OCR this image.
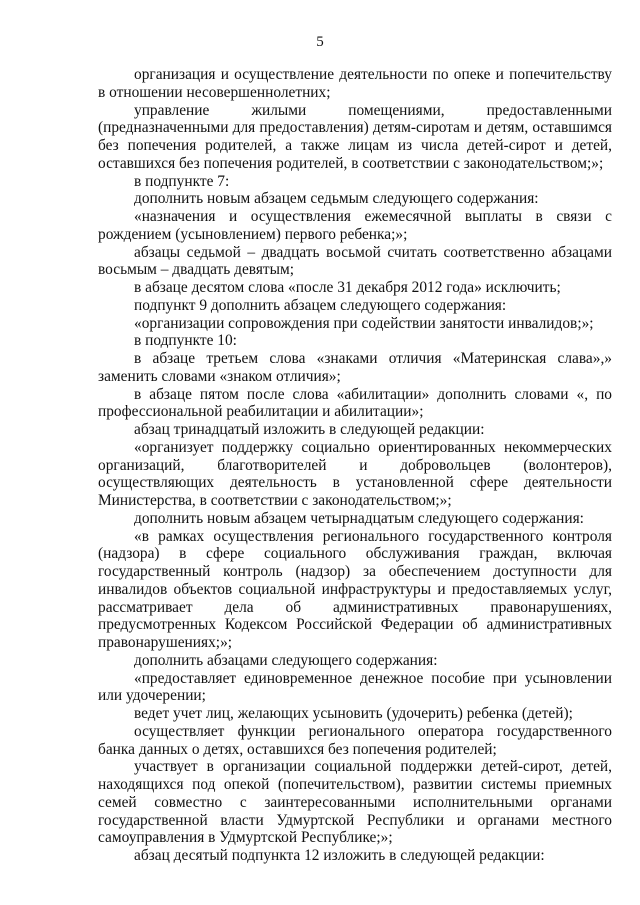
5

организация и осуществление деятельности по опеке и попечительству в отношении несовершеннолетних;

управление жилыми помещениями, предоставленными (предназначенными для предоставления) детям-сиротам и детям, оставшимся без попечения родителей, а также лицам из числа детей-сирот и детей, оставшихся без попечения родителей, в соответствии с законодательством;»;

в подпункте 7:

дополнить новым абзацем седьмым следующего содержания:

«назначения и осуществления ежемесячной выплаты в связи с рождением (усыновлением) первого ребенка;»;

абзацы седьмой – двадцать восьмой считать соответственно абзацами восьмым – двадцать девятым;

в абзаце десятом слова «после 31 декабря 2012 года» исключить;

подпункт 9 дополнить абзацем следующего содержания:

«организации сопровождения при содействии занятости инвалидов;»;

в подпункте 10:

в абзаце третьем слова «знаками отличия «Материнская слава»,» заменить словами «знаком отличия»;

в абзаце пятом после слова «абилитации» дополнить словами «, по профессиональной реабилитации и абилитации»;

абзац тринадцатый изложить в следующей редакции:

«организует поддержку социально ориентированных некоммерческих организаций, благотворителей и добровольцев (волонтеров), осуществляющих деятельность в установленной сфере деятельности Министерства, в соответствии с законодательством;»;

дополнить новым абзацем четырнадцатым следующего содержания:

«в рамках осуществления регионального государственного контроля (надзора) в сфере социального обслуживания граждан, включая государственный контроль (надзор) за обеспечением доступности для инвалидов объектов социальной инфраструктуры и предоставляемых услуг, рассматривает дела об административных правонарушениях, предусмотренных Кодексом Российской Федерации об административных правонарушениях;»;

дополнить абзацами следующего содержания:

«предоставляет единовременное денежное пособие при усыновлении или удочерении;

ведет учет лиц, желающих усыновить (удочерить) ребенка (детей);

осуществляет функции регионального оператора государственного банка данных о детях, оставшихся без попечения родителей;

участвует в организации социальной поддержки детей-сирот, детей, находящихся под опекой (попечительством), развитии системы приемных семей совместно с заинтересованными исполнительными органами государственной власти Удмуртской Республики и органами местного самоуправления в Удмуртской Республике;»;

абзац десятый подпункта 12 изложить в следующей редакции:
